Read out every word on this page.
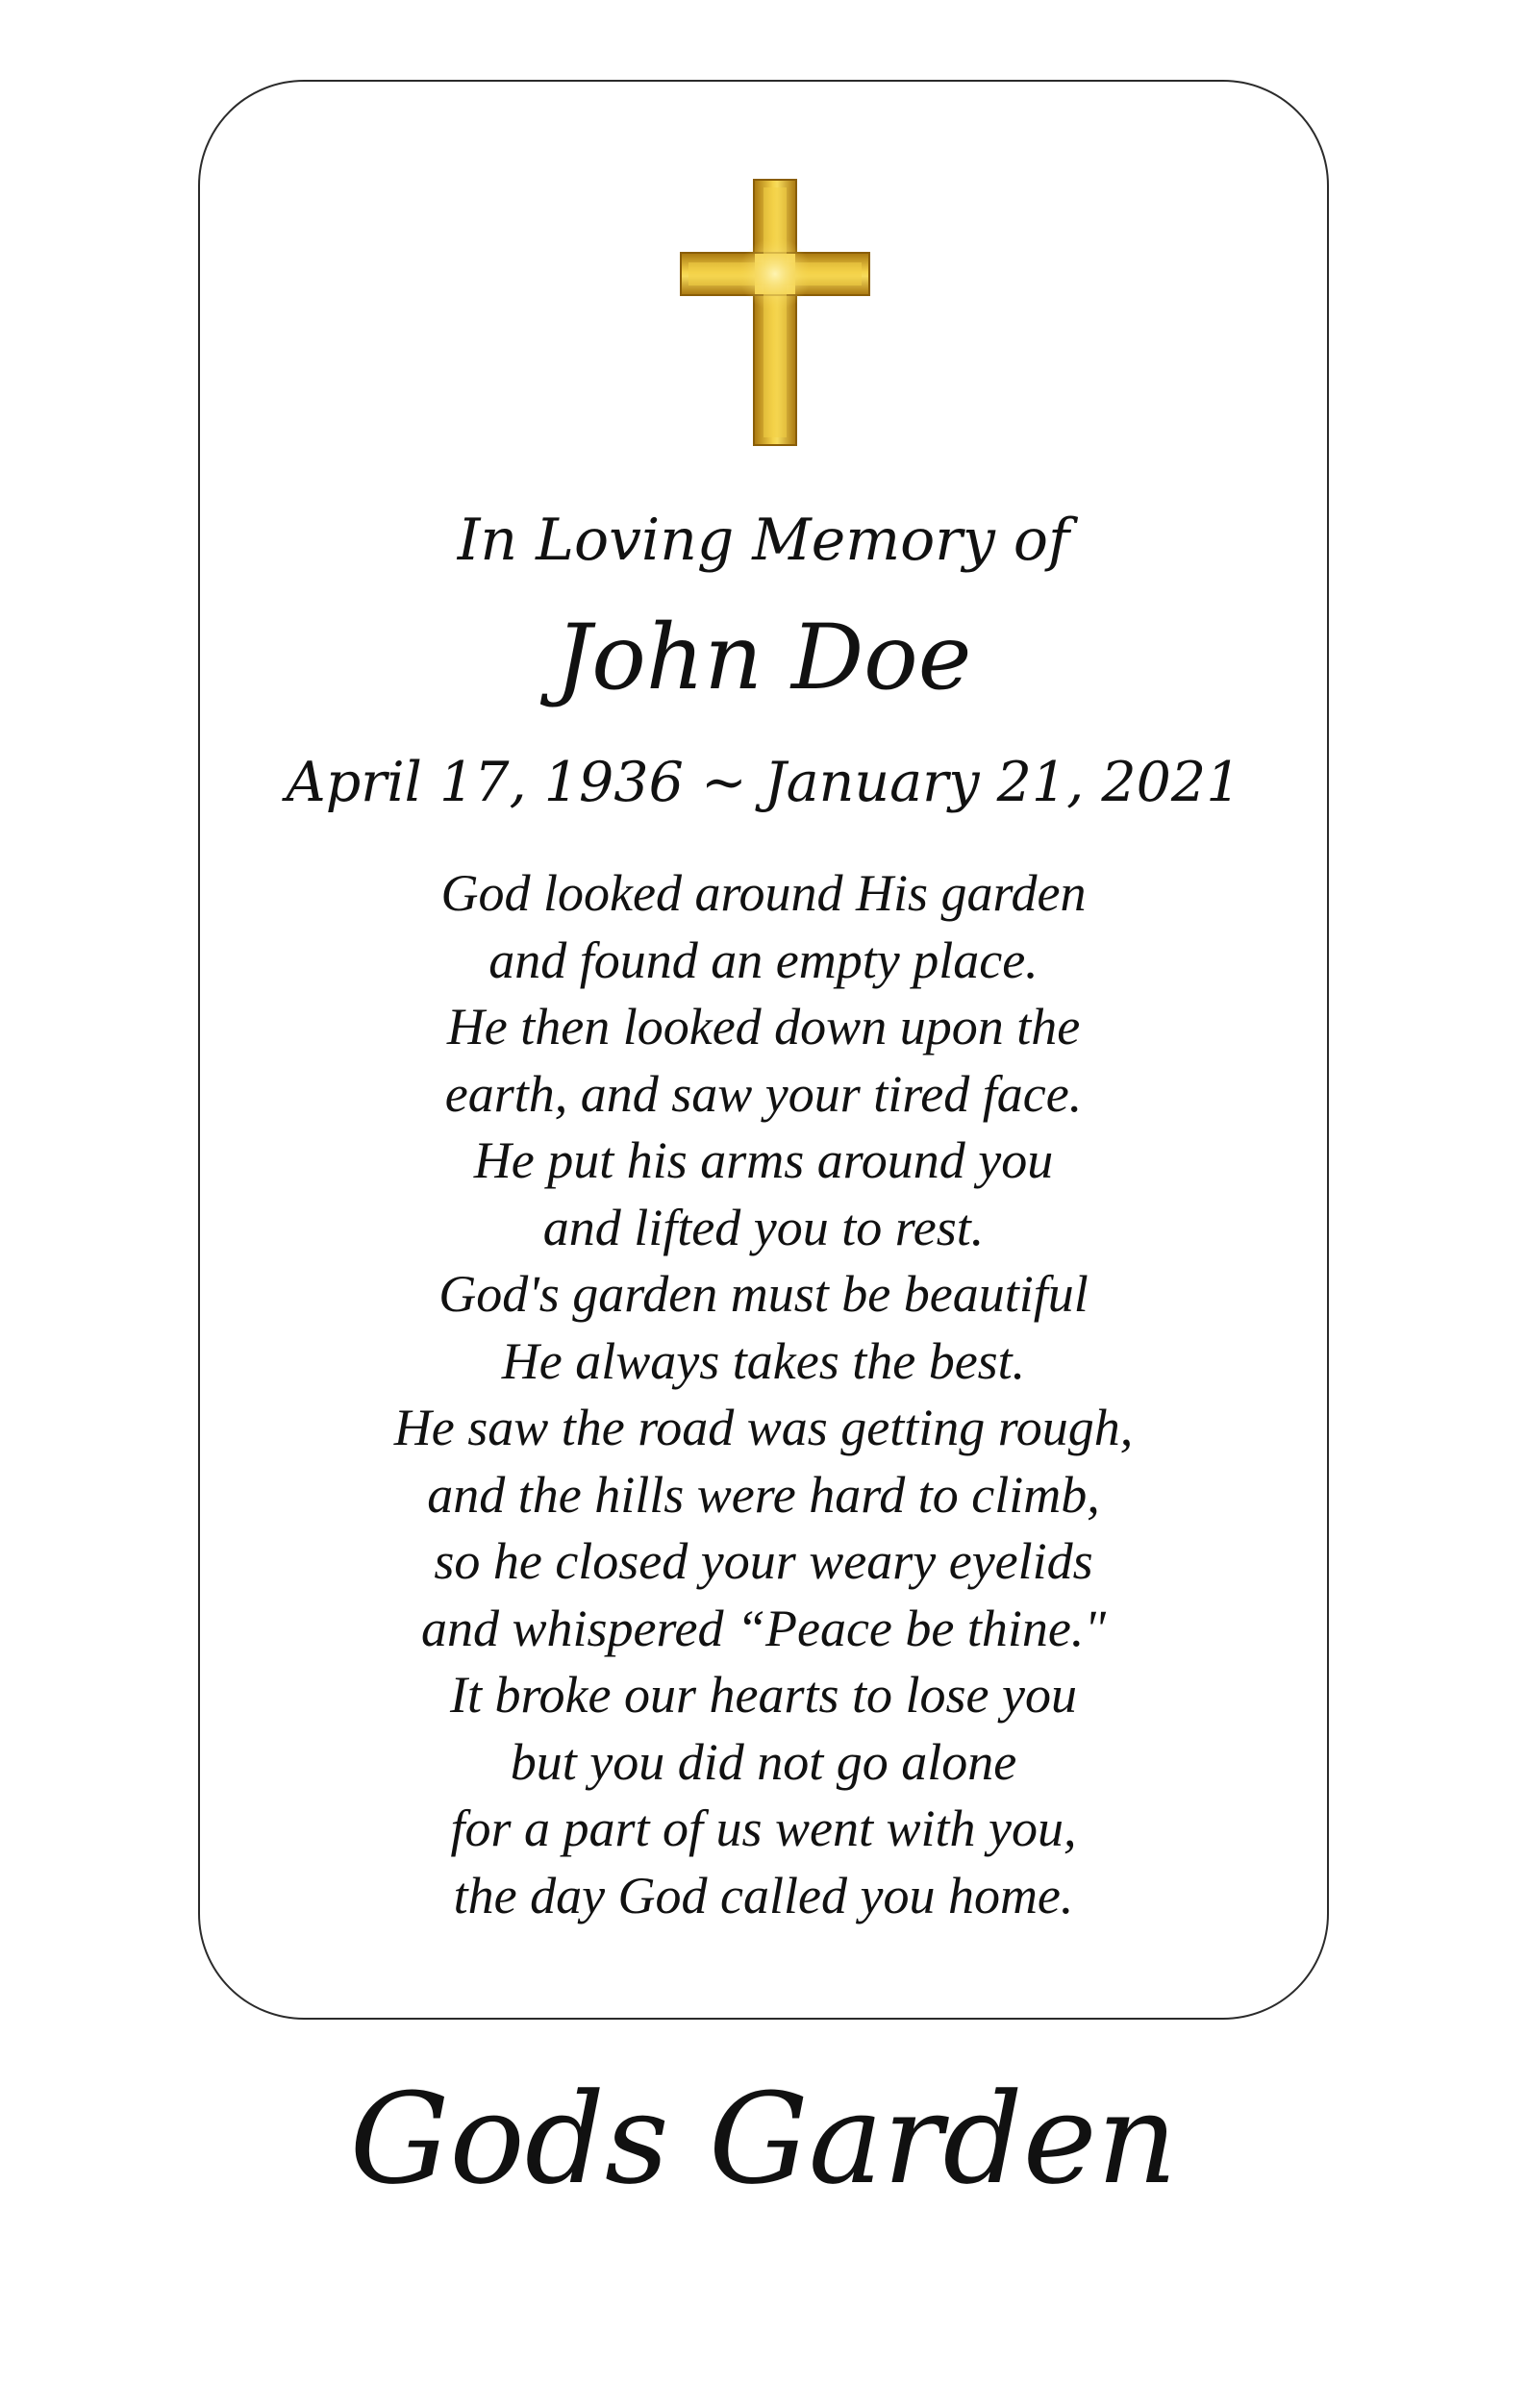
In Loving Memory of
John Doe
April 17, 1936 ~ January 21, 2021
God looked around His garden
and found an empty place.
He then looked down upon the
earth, and saw your tired face.
He put his arms around you
and lifted you to rest.
God's garden must be beautiful
He always takes the best.
He saw the road was getting rough,
and the hills were hard to climb,
so he closed your weary eyelids
and whispered “Peace be thine."
It broke our hearts to lose you
but you did not go alone
for a part of us went with you,
the day God called you home.
Gods Garden
